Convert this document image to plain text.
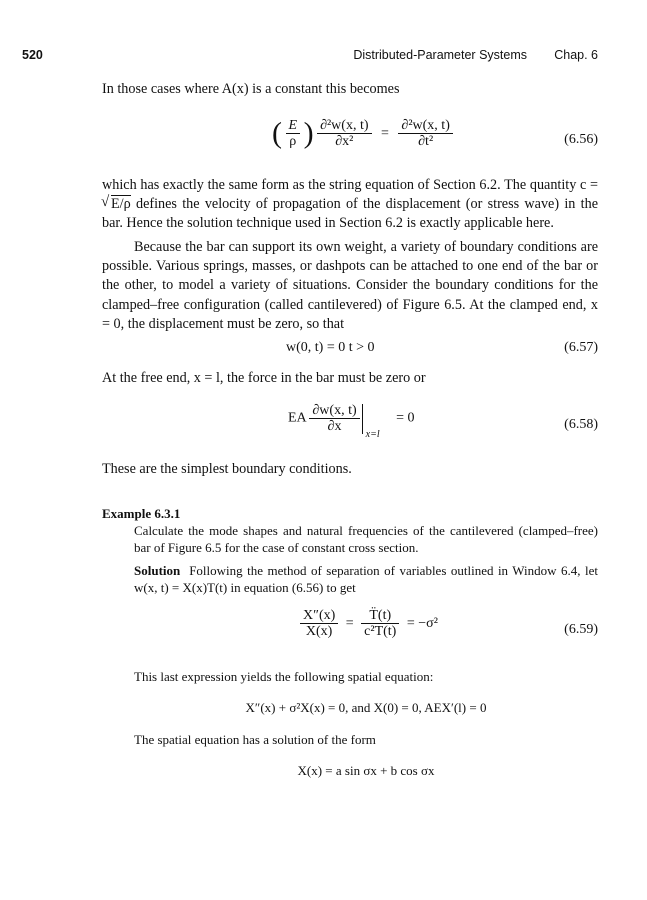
520	Distributed-Parameter Systems Chap. 6

In those cases where A(x) is a constant this becomes

( $\frac{E}{\rho}$ ) $\frac{\text{∂²w(x, t)}}{\text{∂x²}} = \frac{\text{∂²w(x, t)}}{\text{∂t²}}$	(6.56)

which has exactly the same form as the string equation of Section 6.2. The quantity c = √ E/ρ defines the velocity of propagation of the displacement (or stress wave) in the bar. Hence the solution technique used in Section 6.2 is exactly applicable here.

Because the bar can support its own weight, a variety of boundary conditions are possible. Various springs, masses, or dashpots can be attached to one end of the bar or the other, to model a variety of situations. Consider the boundary conditions for the clamped–free configuration (called cantilevered) of Figure 6.5. At the clamped end, x = 0, the displacement must be zero, so that

w(0, t) = 0 t > 0	(6.57)

At the free end, x = l, the force in the bar must be zero or

EA $\frac{\partial w(x, t)}{\partial x} x=l$
= 0	(6.58)

These are the simplest boundary conditions.

Example 6.3.1

Calculate the mode shapes and natural frequencies of the cantilevered (clamped–free) bar of Figure 6.5 for the case of constant cross section.

Solution Following the method of separation of variables outlined in Window 6.4, let w(x, t) = X(x)T(t) in equation (6.56) to get

$\frac{X''(x)}{X(x)} = \frac{T̈(t)}{\text{c²T(t)}} = -\sigma^2$	(6.59)

This last expression yields the following spatial equation:

X″(x) + σ²X(x) = 0, and X(0) = 0, AEX′(l) = 0

The spatial equation has a solution of the form

X(x) = a sin σx + b cos σx
